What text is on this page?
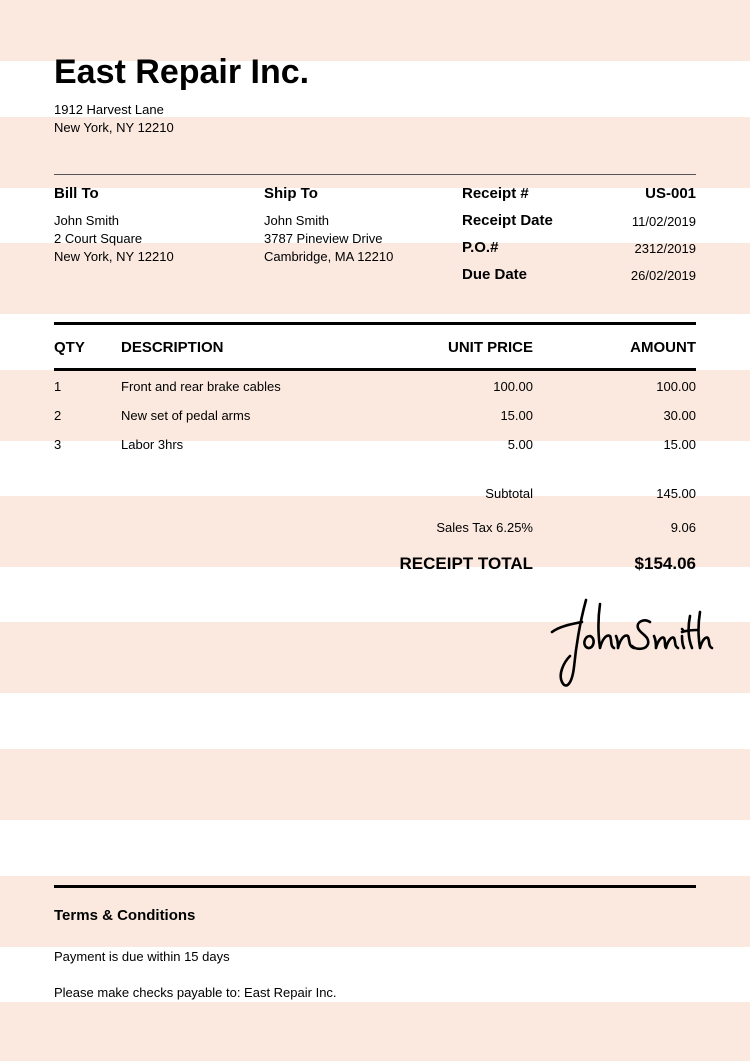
East Repair Inc.
1912 Harvest Lane
New York, NY 12210
Bill To
John Smith
2 Court Square
New York, NY 12210
Ship To
John Smith
3787 Pineview Drive
Cambridge, MA 12210
Receipt #	US-001
Receipt Date	11/02/2019
P.O.#	2312/2019
Due Date	26/02/2019
QTY DESCRIPTION	UNIT PRICE	AMOUNT
1	Front and rear brake cables	100.00	100.00
2	New set of pedal arms	15.00	30.00
3	Labor 3hrs	5.00	15.00
Subtotal	145.00
Sales Tax 6.25%	9.06
RECEIPT TOTAL	$154.06
Terms & Conditions
Payment is due within 15 days
Please make checks payable to: East Repair Inc.
